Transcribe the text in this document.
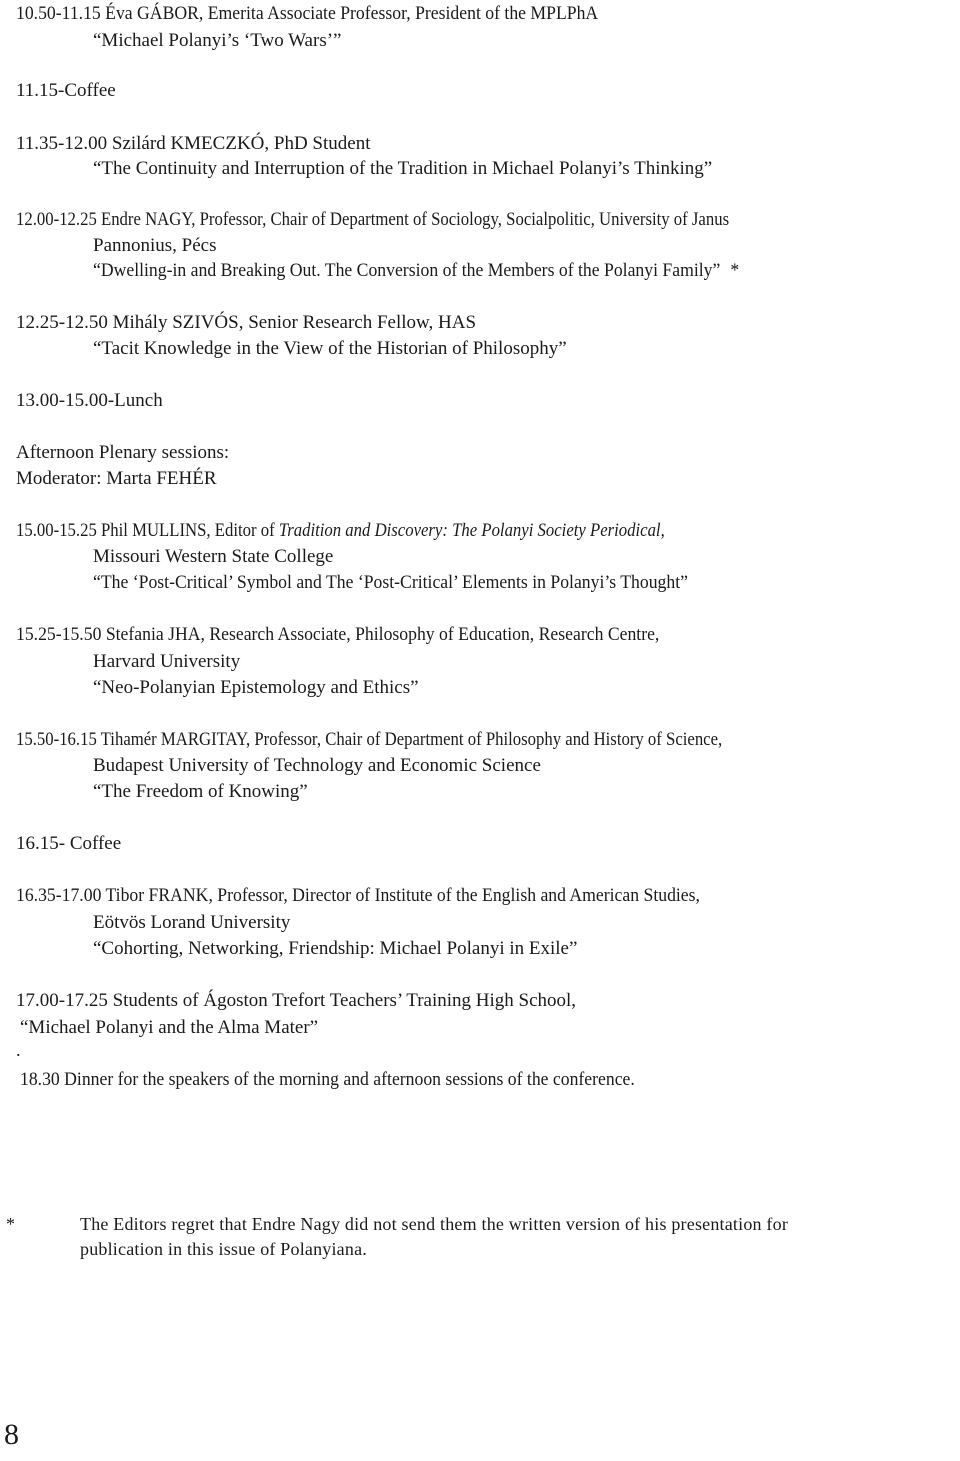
10.50-11.15 Éva GÁBOR, Emerita Associate Professor, President of the MPLPhA
“Michael Polanyi’s ‘Two Wars’”
11.15-Coffee
11.35-12.00 Szilárd KMECZKÓ, PhD Student
“The Continuity and Interruption of the Tradition in Michael Polanyi’s Thinking”
12.00-12.25 Endre NAGY, Professor, Chair of Department of Sociology, Socialpolitic, University of Janus
Pannonius, Pécs
“Dwelling-in and Breaking Out. The Conversion of the Members of the Polanyi Family” *
12.25-12.50 Mihály SZIVÓS, Senior Research Fellow, HAS
“Tacit Knowledge in the View of the Historian of Philosophy”
13.00-15.00-Lunch
Afternoon Plenary sessions:
Moderator: Marta FEHÉR
15.00-15.25 Phil MULLINS, Editor of Tradition and Discovery: The Polanyi Society Periodical,
Missouri Western State College
“The ‘Post-Critical’ Symbol and The ‘Post-Critical’ Elements in Polanyi’s Thought”
15.25-15.50 Stefania JHA, Research Associate, Philosophy of Education, Research Centre,
Harvard University
“Neo-Polanyian Epistemology and Ethics”
15.50-16.15 Tihamér MARGITAY, Professor, Chair of Department of Philosophy and History of Science,
Budapest University of Technology and Economic Science
“The Freedom of Knowing”
16.15- Coffee
16.35-17.00 Tibor FRANK, Professor, Director of Institute of the English and American Studies,
Eötvös Lorand University
“Cohorting, Networking, Friendship: Michael Polanyi in Exile”
17.00-17.25 Students of Ágoston Trefort Teachers’ Training High School,
“Michael Polanyi and the Alma Mater”
.
18.30 Dinner for the speakers of the morning and afternoon sessions of the conference.
*	The Editors regret that Endre Nagy did not send them the written version of his presentation for
publication in this issue of Polanyiana.
8
